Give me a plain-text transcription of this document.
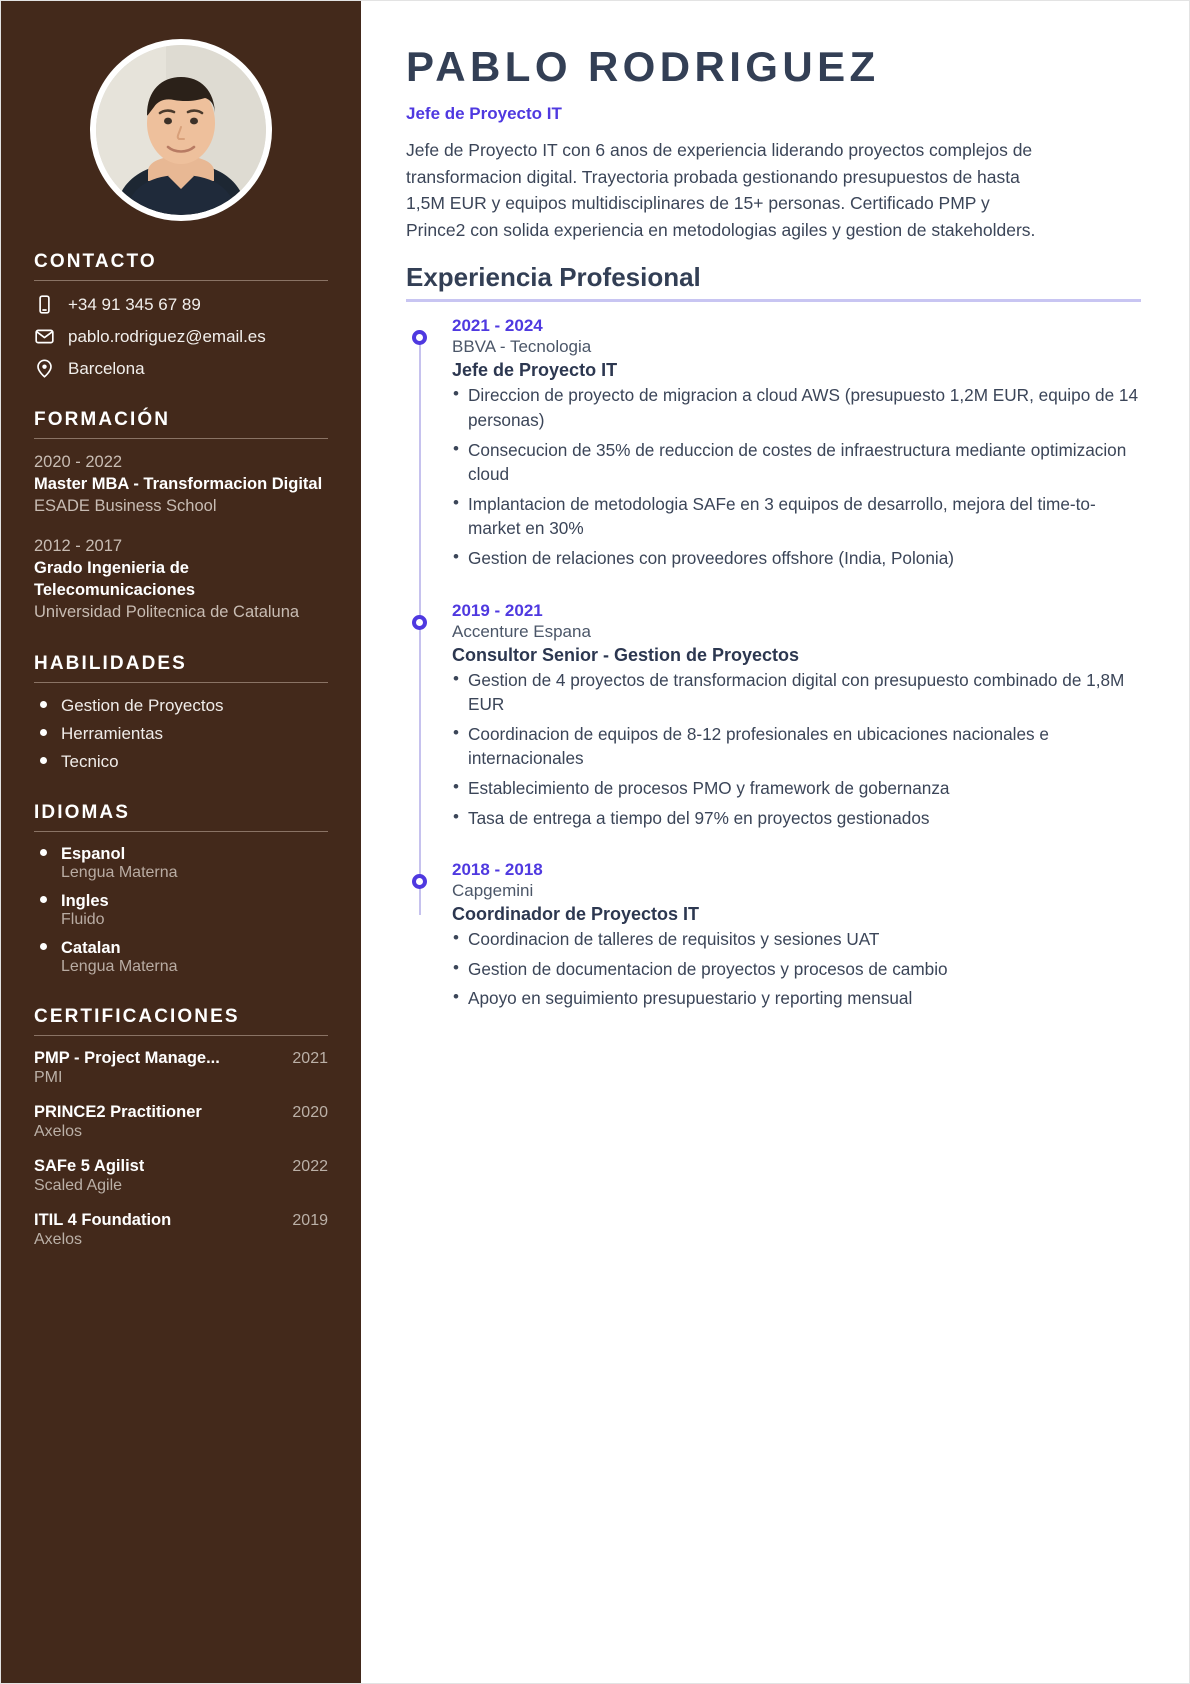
CONTACTO
+34 91 345 67 89
pablo.rodriguez@email.es
Barcelona
FORMACIÓN
2020 - 2022
Master MBA - Transformacion Digital
ESADE Business School
2012 - 2017
Grado Ingenieria de Telecomunicaciones
Universidad Politecnica de Cataluna
HABILIDADES
Gestion de Proyectos
Herramientas
Tecnico
IDIOMAS
Espanol
Lengua Materna
Ingles
Fluido
Catalan
Lengua Materna
CERTIFICACIONES
PMP - Project Manage...	2021
PMI
PRINCE2 Practitioner	2020
Axelos
SAFe 5 Agilist	2022
Scaled Agile
ITIL 4 Foundation	2019
Axelos
PABLO RODRIGUEZ
Jefe de Proyecto IT

Jefe de Proyecto IT con 6 anos de experiencia liderando proyectos complejos de transformacion digital. Trayectoria probada gestionando presupuestos de hasta 1,5M EUR y equipos multidisciplinares de 15+ personas. Certificado PMP y Prince2 con solida experiencia en metodologias agiles y gestion de stakeholders.

Experiencia Profesional
2021 - 2024
BBVA - Tecnologia
Jefe de Proyecto IT
• Direccion de proyecto de migracion a cloud AWS (presupuesto 1,2M EUR, equipo de 14 personas)
• Consecucion de 35% de reduccion de costes de infraestructura mediante optimizacion cloud
• Implantacion de metodologia SAFe en 3 equipos de desarrollo, mejora del time-to-market en 30%
• Gestion de relaciones con proveedores offshore (India, Polonia)
2019 - 2021
Accenture Espana
Consultor Senior - Gestion de Proyectos
• Gestion de 4 proyectos de transformacion digital con presupuesto combinado de 1,8M EUR
• Coordinacion de equipos de 8-12 profesionales en ubicaciones nacionales e internacionales
• Establecimiento de procesos PMO y framework de gobernanza
• Tasa de entrega a tiempo del 97% en proyectos gestionados
2018 - 2018
Capgemini
Coordinador de Proyectos IT
• Coordinacion de talleres de requisitos y sesiones UAT
• Gestion de documentacion de proyectos y procesos de cambio
• Apoyo en seguimiento presupuestario y reporting mensual
